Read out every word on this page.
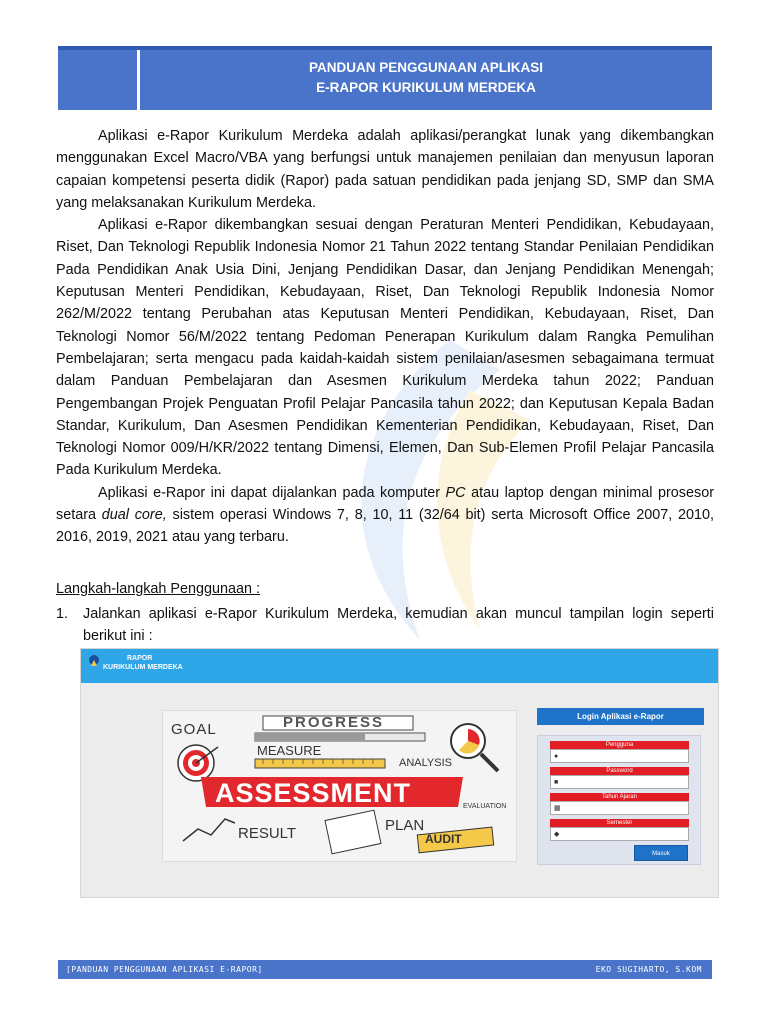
PANDUAN PENGGUNAAN APLIKASI
E-RAPOR KURIKULUM MERDEKA

Aplikasi e-Rapor Kurikulum Merdeka adalah aplikasi/perangkat lunak yang dikembangkan menggunakan Excel Macro/VBA yang berfungsi untuk manajemen penilaian dan menyusun laporan capaian kompetensi peserta didik (Rapor) pada satuan pendidikan pada jenjang SD, SMP dan SMA yang melaksanakan Kurikulum Merdeka.

Aplikasi e-Rapor dikembangkan sesuai dengan Peraturan Menteri Pendidikan, Kebudayaan, Riset, Dan Teknologi Republik Indonesia Nomor 21 Tahun 2022 tentang Standar Penilaian Pendidikan Pada Pendidikan Anak Usia Dini, Jenjang Pendidikan Dasar, dan Jenjang Pendidikan Menengah; Keputusan Menteri Pendidikan, Kebudayaan, Riset, Dan Teknologi Republik Indonesia Nomor 262/M/2022 tentang Perubahan atas Keputusan Menteri Pendidikan, Kebudayaan, Riset, Dan Teknologi Nomor 56/M/2022 tentang Pedoman Penerapan Kurikulum dalam Rangka Pemulihan Pembelajaran; serta mengacu pada kaidah-kaidah sistem penilaian/asesmen sebagaimana termuat dalam Panduan Pembelajaran dan Asesmen Kurikulum Merdeka tahun 2022; Panduan Pengembangan Projek Penguatan Profil Pelajar Pancasila tahun 2022; dan Keputusan Kepala Badan Standar, Kurikulum, Dan Asesmen Pendidikan Kementerian Pendidikan, Kebudayaan, Riset, Dan Teknologi Nomor 009/H/KR/2022 tentang Dimensi, Elemen, Dan Sub-Elemen Profil Pelajar Pancasila Pada Kurikulum Merdeka.

Aplikasi e-Rapor ini dapat dijalankan pada komputer PC atau laptop dengan minimal prosesor setara dual core, sistem operasi Windows 7, 8, 10, 11 (32/64 bit) serta Microsoft Office 2007, 2010, 2016, 2019, 2021 atau yang terbaru.

Langkah-langkah Penggunaan :
1. Jalankan aplikasi e-Rapor Kurikulum Merdeka, kemudian akan muncul tampilan login seperti berikut ini :
RAPOR
KURIKULUM MERDEKA
GOAL	PROGRESS
MEASURE
ANALYSIS
ASSESSMENT	EVALUATION
RESULT	PLAN
AUDIT
Login Aplikasi e-Rapor
Pengguna
●
Password
■
Tahun Ajaran
▦
Semester
◆
Masuk
[PANDUAN PENGGUNAAN APLIKASI E-RAPOR]	EKO SUGIHARTO, S.KOM
